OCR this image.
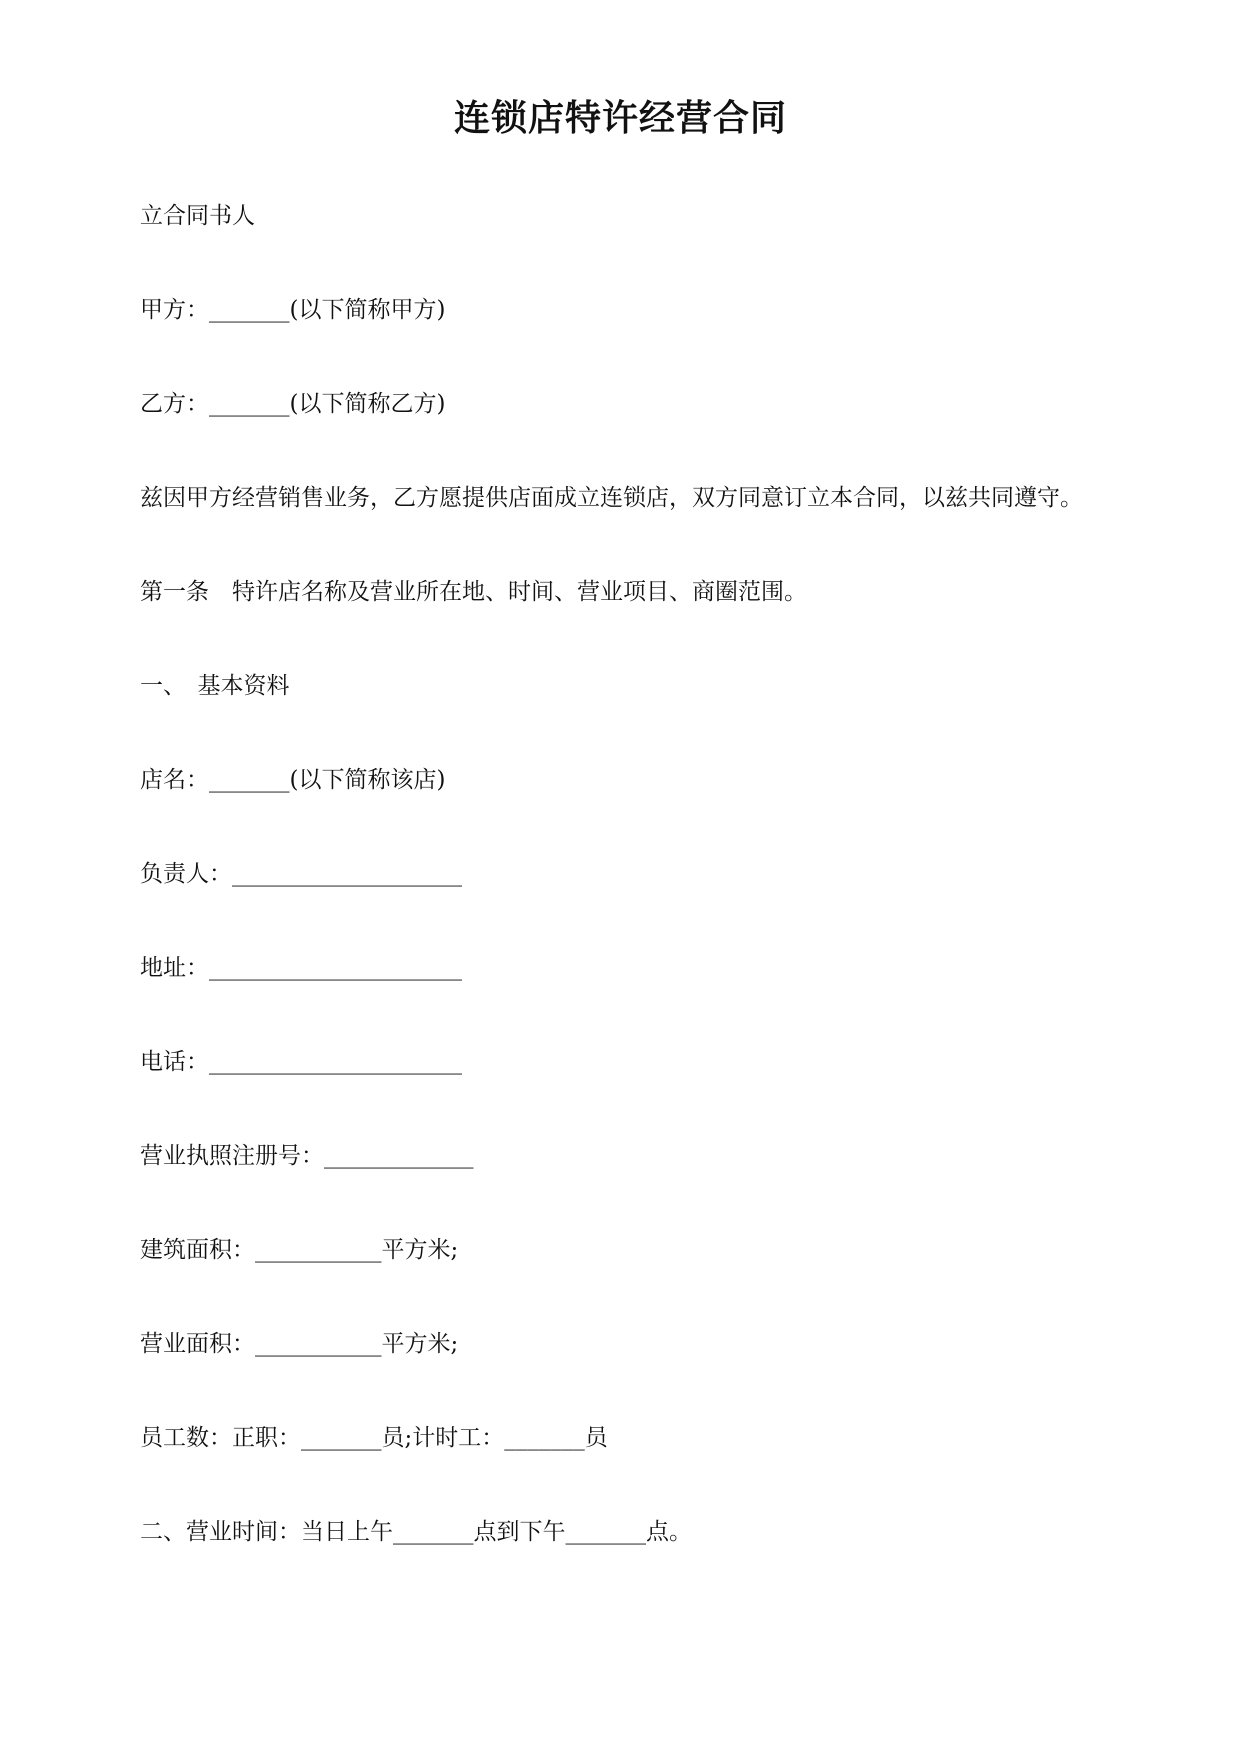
连锁店特许经营合同
立合同书人
甲方：_______(以下简称甲方)
乙方：_______(以下简称乙方)
兹因甲方经营销售业务，乙方愿提供店面成立连锁店，双方同意订立本合同，以兹共同遵守。
第一条　特许店名称及营业所在地、时间、营业项目、商圈范围。
一、　基本资料
店名：_______(以下简称该店)
负责人：____________________
地址：______________________
电话：______________________
营业执照注册号：_____________
建筑面积：___________平方米;
营业面积：___________平方米;
员工数：正职：_______员;计时工：_______员
二、营业时间：当日上午_______点到下午_______点。
